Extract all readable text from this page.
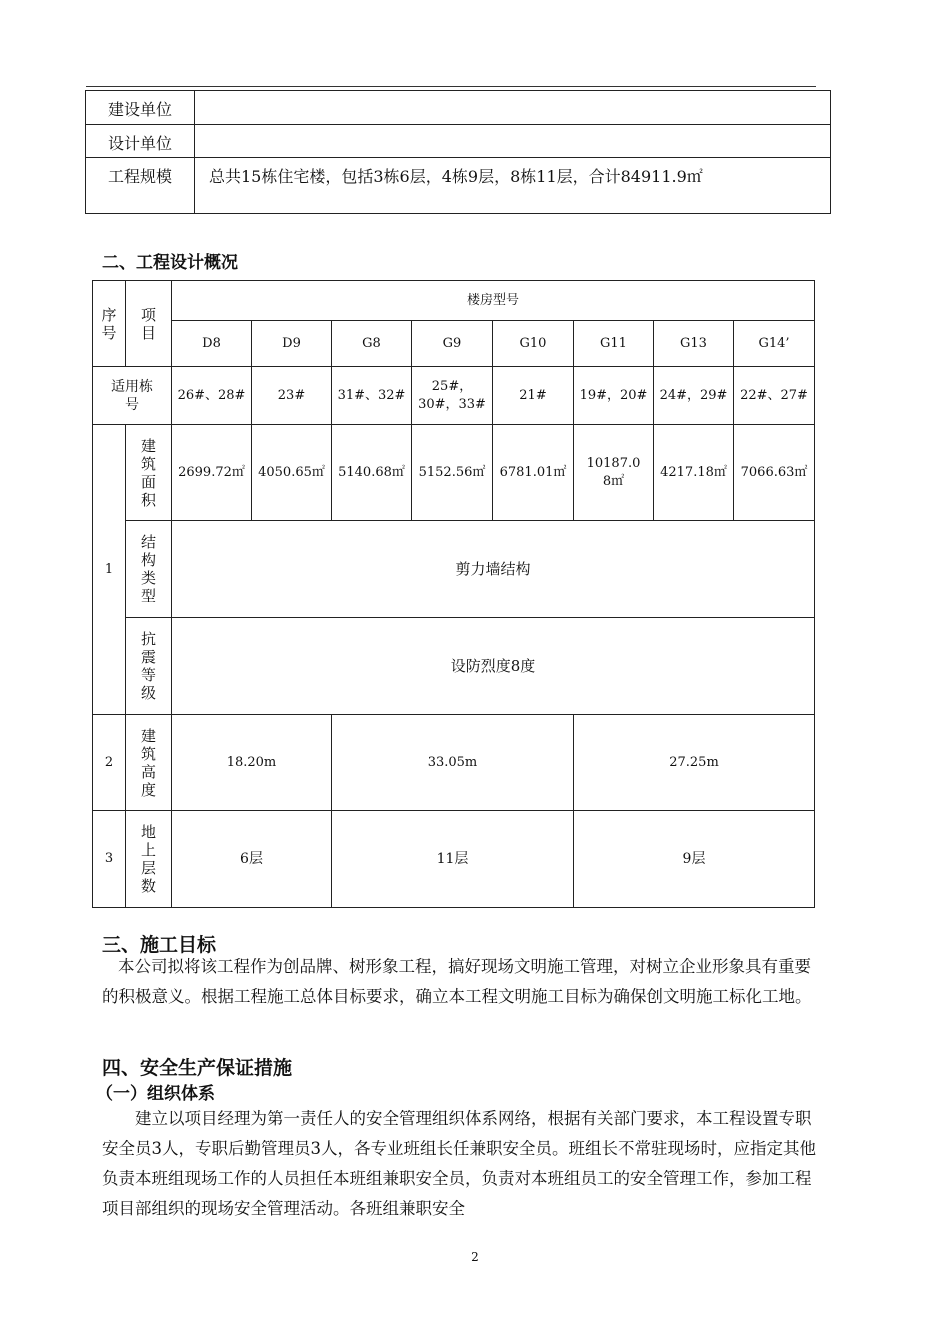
建设单位	
设计单位	
工程规模	总共15栋住宅楼，包括3栋6层，4栋9层，8栋11层，合计84911.9㎡
二、工程设计概况
序号	项目	楼房型号							
		D8	D9	G8	G9	G10	G11	G13	G14’
适用栋号		26#、28#	23#	31#、32#	25#，30#，33#	21#	19#，20#	24#，29#	22#、27#
1	建筑面积	2699.72㎡	4050.65㎡	5140.68㎡	5152.56㎡	6781.01㎡	10187.08㎡	4217.18㎡	7066.63㎡
	结构类型	剪力墙结构							
	抗震等级	设防烈度8度							
2	建筑高度	18.20m		33.05m			27.25m		
3	地上层数	6层		11层			9层		
三、施工目标
本公司拟将该工程作为创品牌、树形象工程，搞好现场文明施工管理，对树立企业形象具有重要的积极意义。根据工程施工总体目标要求，确立本工程文明施工目标为确保创文明施工标化工地。
四、安全生产保证措施
（一）组织体系
建立以项目经理为第一责任人的安全管理组织体系网络，根据有关部门要求，本工程设置专职安全员3人，专职后勤管理员3人，各专业班组长任兼职安全员。班组长不常驻现场时，应指定其他负责本班组现场工作的人员担任本班组兼职安全员，负责对本班组员工的安全管理工作，参加工程项目部组织的现场安全管理活动。各班组兼职安全
2
